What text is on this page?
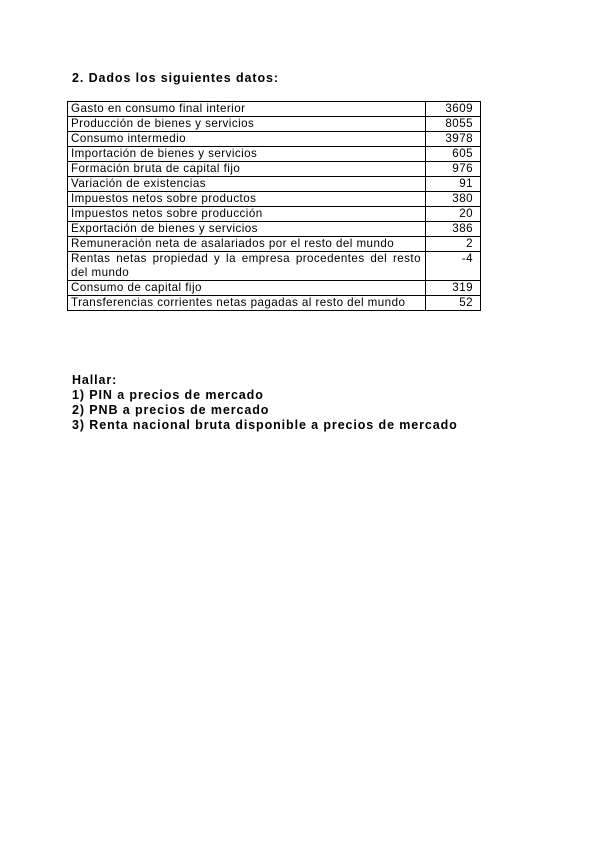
2. Dados los siguientes datos:
Gasto en consumo final interior	3609
Producción de bienes y servicios	8055
Consumo intermedio	3978
Importación de bienes y servicios	605
Formación bruta de capital fijo	976
Variación de existencias	91
Impuestos netos sobre productos	380
Impuestos netos sobre producción	20
Exportación de bienes y servicios	386
Remuneración neta de asalariados por el resto del mundo	2
Rentas netas propiedad y la empresa procedentes del resto del mundo	-4
Consumo de capital fijo	319
Transferencias corrientes netas pagadas al resto del mundo	52
Hallar:
1) PIN a precios de mercado
2) PNB a precios de mercado
3) Renta nacional bruta disponible a precios de mercado
